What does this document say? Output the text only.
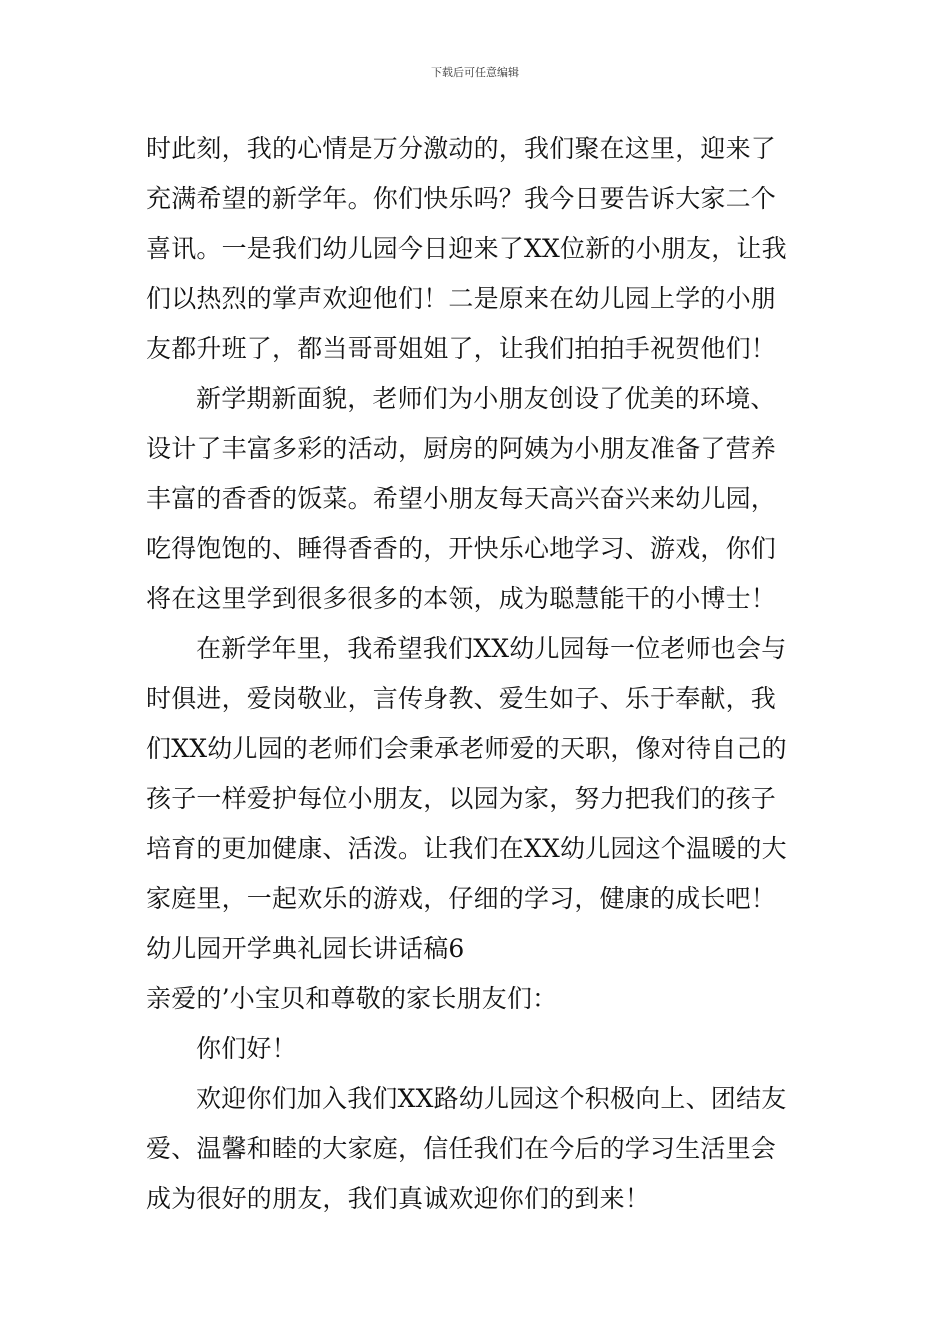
下载后可任意编辑
时此刻，我的心情是万分激动的，我们聚在这里，迎来了
充满希望的新学年。你们快乐吗？我今日要告诉大家二个
喜讯。一是我们幼儿园今日迎来了XX位新的小朋友，让我
们以热烈的掌声欢迎他们！二是原来在幼儿园上学的小朋
友都升班了，都当哥哥姐姐了，让我们拍拍手祝贺他们！
新学期新面貌，老师们为小朋友创设了优美的环境、
设计了丰富多彩的活动，厨房的阿姨为小朋友准备了营养
丰富的香香的饭菜。希望小朋友每天高兴奋兴来幼儿园，
吃得饱饱的、睡得香香的，开快乐心地学习、游戏，你们
将在这里学到很多很多的本领，成为聪慧能干的小博士！
在新学年里，我希望我们XX幼儿园每一位老师也会与
时俱进，爱岗敬业，言传身教、爱生如子、乐于奉献，我
们XX幼儿园的老师们会秉承老师爱的天职，像对待自己的
孩子一样爱护每位小朋友，以园为家，努力把我们的孩子
培育的更加健康、活泼。让我们在XX幼儿园这个温暖的大
家庭里，一起欢乐的游戏，仔细的学习，健康的成长吧！
幼儿园开学典礼园长讲话稿6
亲爱的’小宝贝和尊敬的家长朋友们：
你们好！
欢迎你们加入我们XX路幼儿园这个积极向上、团结友
爱、温馨和睦的大家庭，信任我们在今后的学习生活里会
成为很好的朋友，我们真诚欢迎你们的到来！
